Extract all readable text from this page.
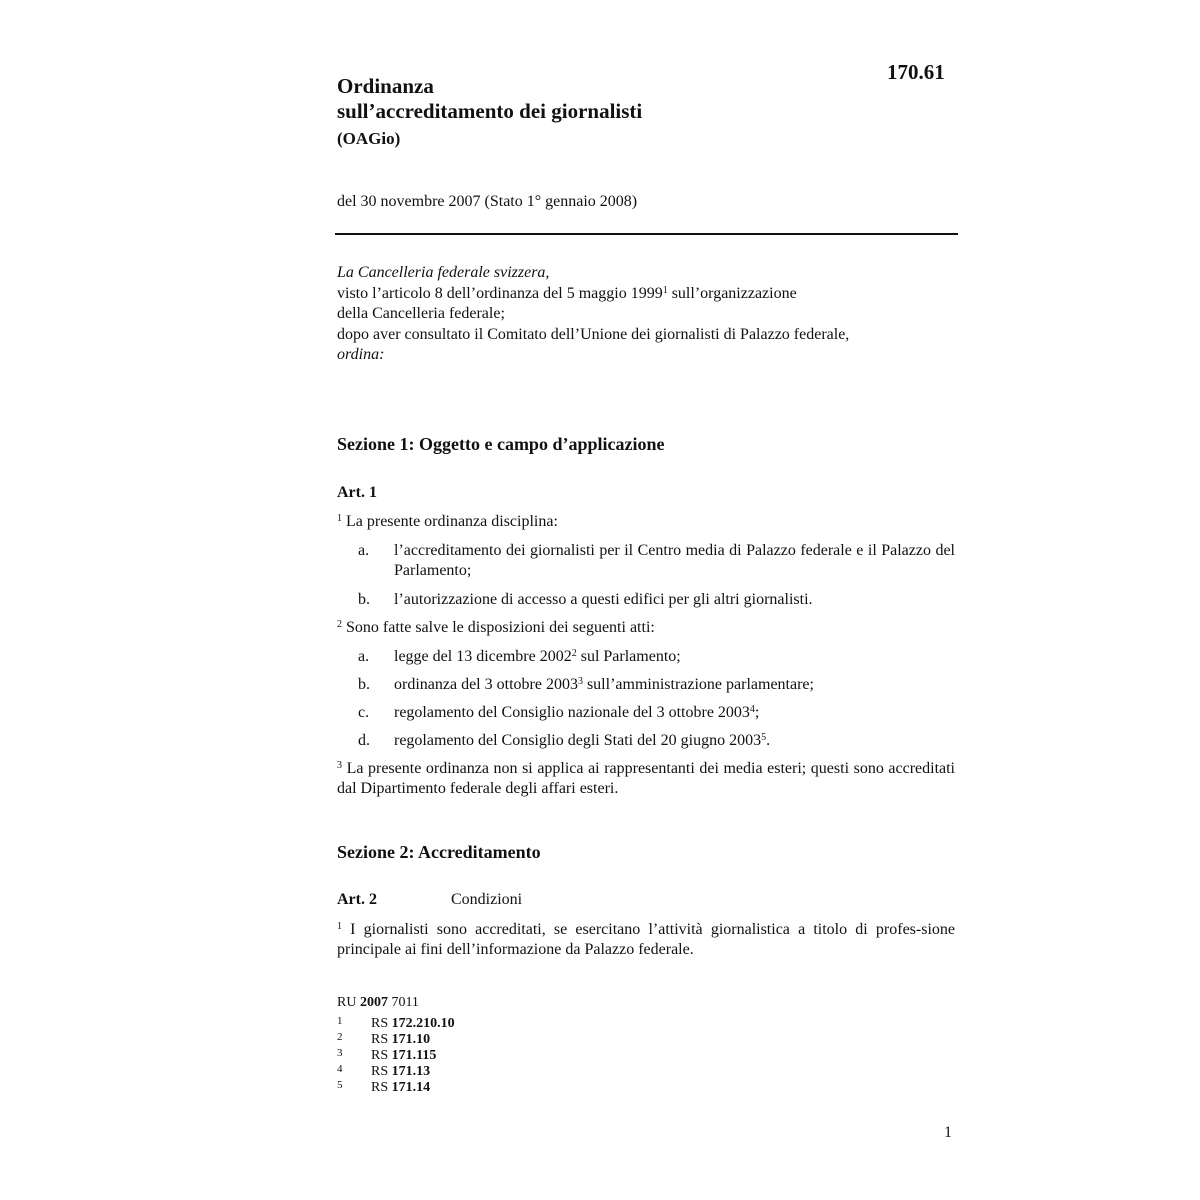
170.61
Ordinanza
sull’accreditamento dei giornalisti
(OAGio)
del 30 novembre 2007 (Stato 1° gennaio 2008)
La Cancelleria federale svizzera,
visto l’articolo 8 dell’ordinanza del 5 maggio 1999$^1$ sull’organizzazione
della Cancelleria federale;
dopo aver consultato il Comitato dell’Unione dei giornalisti di Palazzo federale,
ordina:
Sezione 1: Oggetto e campo d’applicazione
Art. 1
$^1$ La presente ordinanza disciplina:
a. l’accreditamento dei giornalisti per il Centro media di Palazzo federale e il Palazzo del Parlamento;
b. l’autorizzazione di accesso a questi edifici per gli altri giornalisti.
$^2$ Sono fatte salve le disposizioni dei seguenti atti:
a. legge del 13 dicembre 2002$^2$ sul Parlamento;
b. ordinanza del 3 ottobre 2003$^3$ sull’amministrazione parlamentare;
c. regolamento del Consiglio nazionale del 3 ottobre 2003$^4$;
d. regolamento del Consiglio degli Stati del 20 giugno 2003$^5$.
$^3$ La presente ordinanza non si applica ai rappresentanti dei media esteri; questi sono accreditati dal Dipartimento federale degli affari esteri.
Sezione 2: Accreditamento
Art. 2	Condizioni
$^1$ I giornalisti sono accreditati, se esercitano l’attività giornalistica a titolo di profes-sione principale ai fini dell’informazione da Palazzo federale.
RU 2007 7011
1 RS 172.210.10
2 RS 171.10
3 RS 171.115
4 RS 171.13
5 RS 171.14
1
